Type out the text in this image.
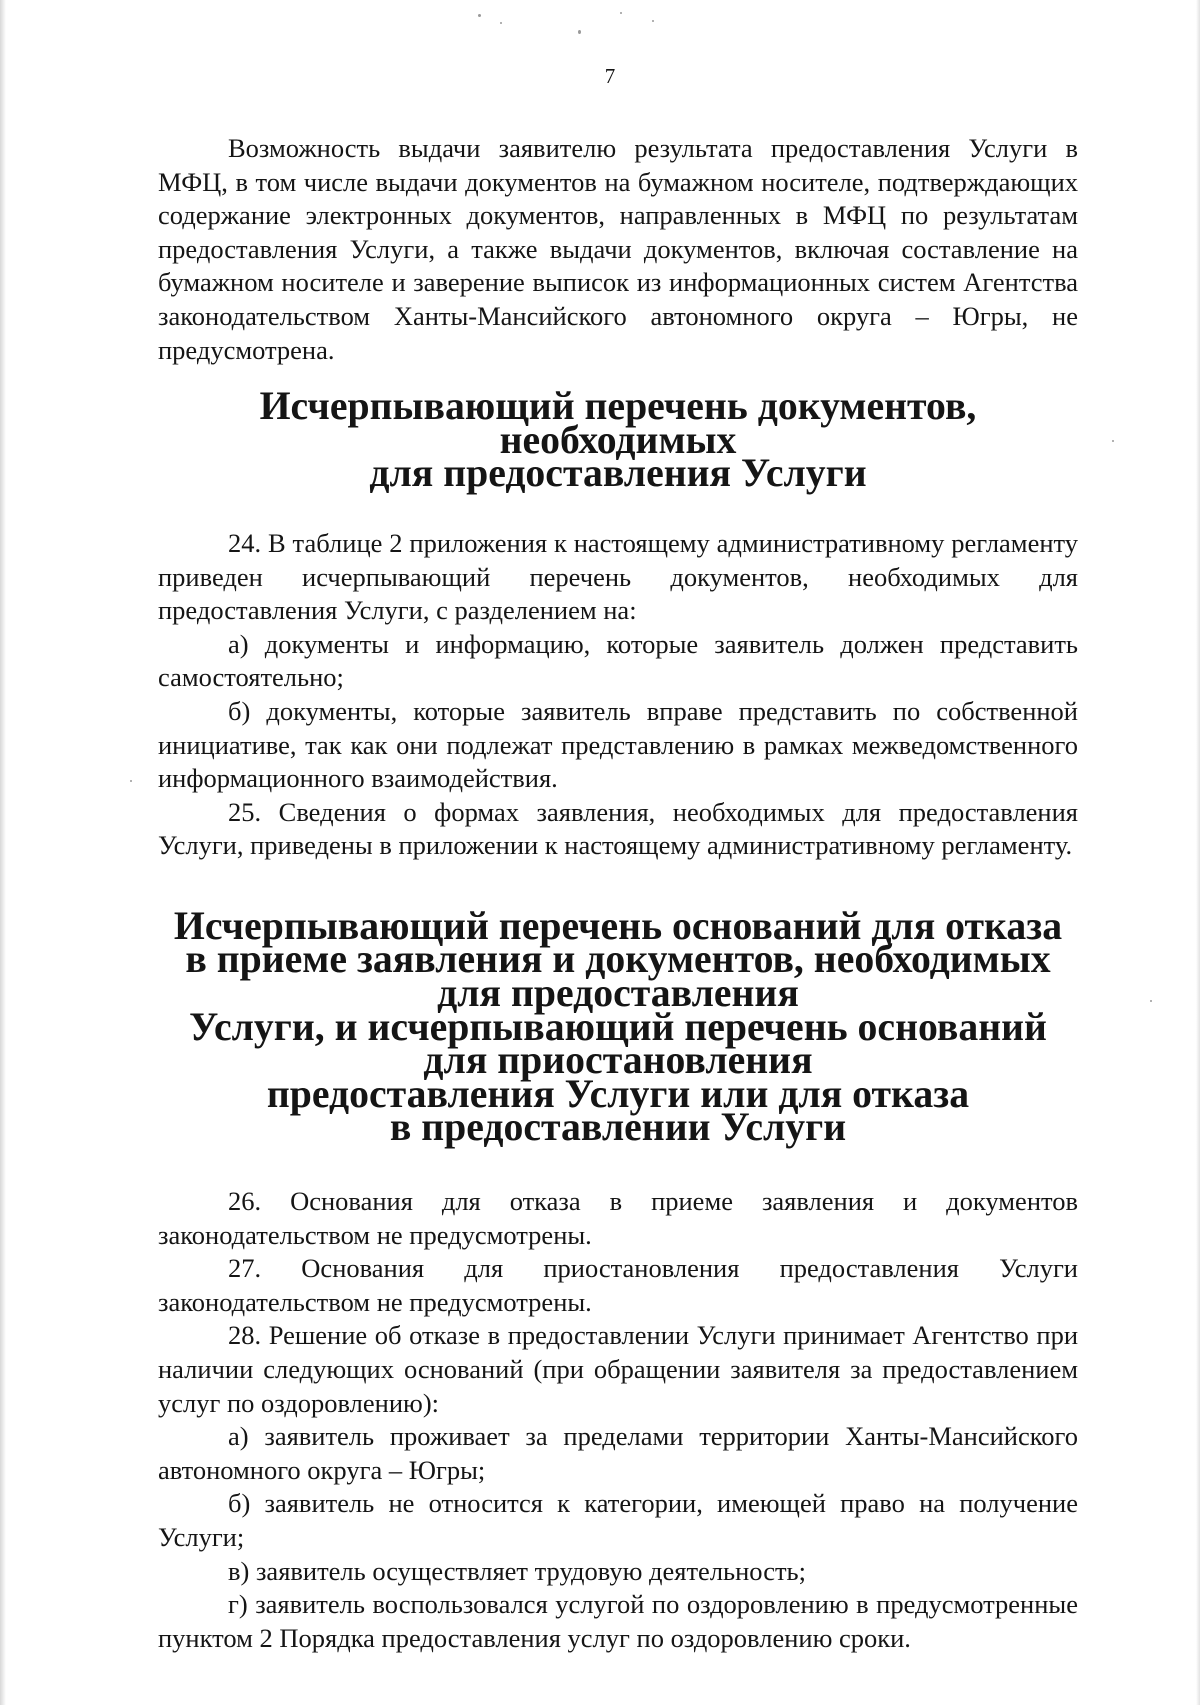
7

Возможность выдачи заявителю результата предоставления Услуги в МФЦ, в том числе выдачи документов на бумажном носителе, подтверждающих содержание электронных документов, направленных в МФЦ по результатам предоставления Услуги, а также выдачи документов, включая составление на бумажном носителе и заверение выписок из информационных систем Агентства законодательством Ханты-Мансийского автономного округа – Югры, не предусмотрена.

Исчерпывающий перечень документов, необходимых
для предоставления Услуги

24. В таблице 2 приложения к настоящему административному регламенту приведен исчерпывающий перечень документов, необходимых для предоставления Услуги, с разделением на:

а) документы и информацию, которые заявитель должен представить самостоятельно;

б) документы, которые заявитель вправе представить по собственной инициативе, так как они подлежат представлению в рамках межведомственного информационного взаимодействия.

25. Сведения о формах заявления, необходимых для предоставления Услуги, приведены в приложении к настоящему административному регламенту.

Исчерпывающий перечень оснований для отказа
в приеме заявления и документов, необходимых для предоставления
Услуги, и исчерпывающий перечень оснований для приостановления
предоставления Услуги или для отказа
в предоставлении Услуги

26. Основания для отказа в приеме заявления и документов законодательством не предусмотрены.

27. Основания для приостановления предоставления Услуги законодательством не предусмотрены.

28. Решение об отказе в предоставлении Услуги принимает Агентство при наличии следующих оснований (при обращении заявителя за предоставлением услуг по оздоровлению):

а) заявитель проживает за пределами территории Ханты-Мансийского автономного округа – Югры;

б) заявитель не относится к категории, имеющей право на получение Услуги;

в) заявитель осуществляет трудовую деятельность;

г) заявитель воспользовался услугой по оздоровлению в предусмотренные пунктом 2 Порядка предоставления услуг по оздоровлению сроки.
